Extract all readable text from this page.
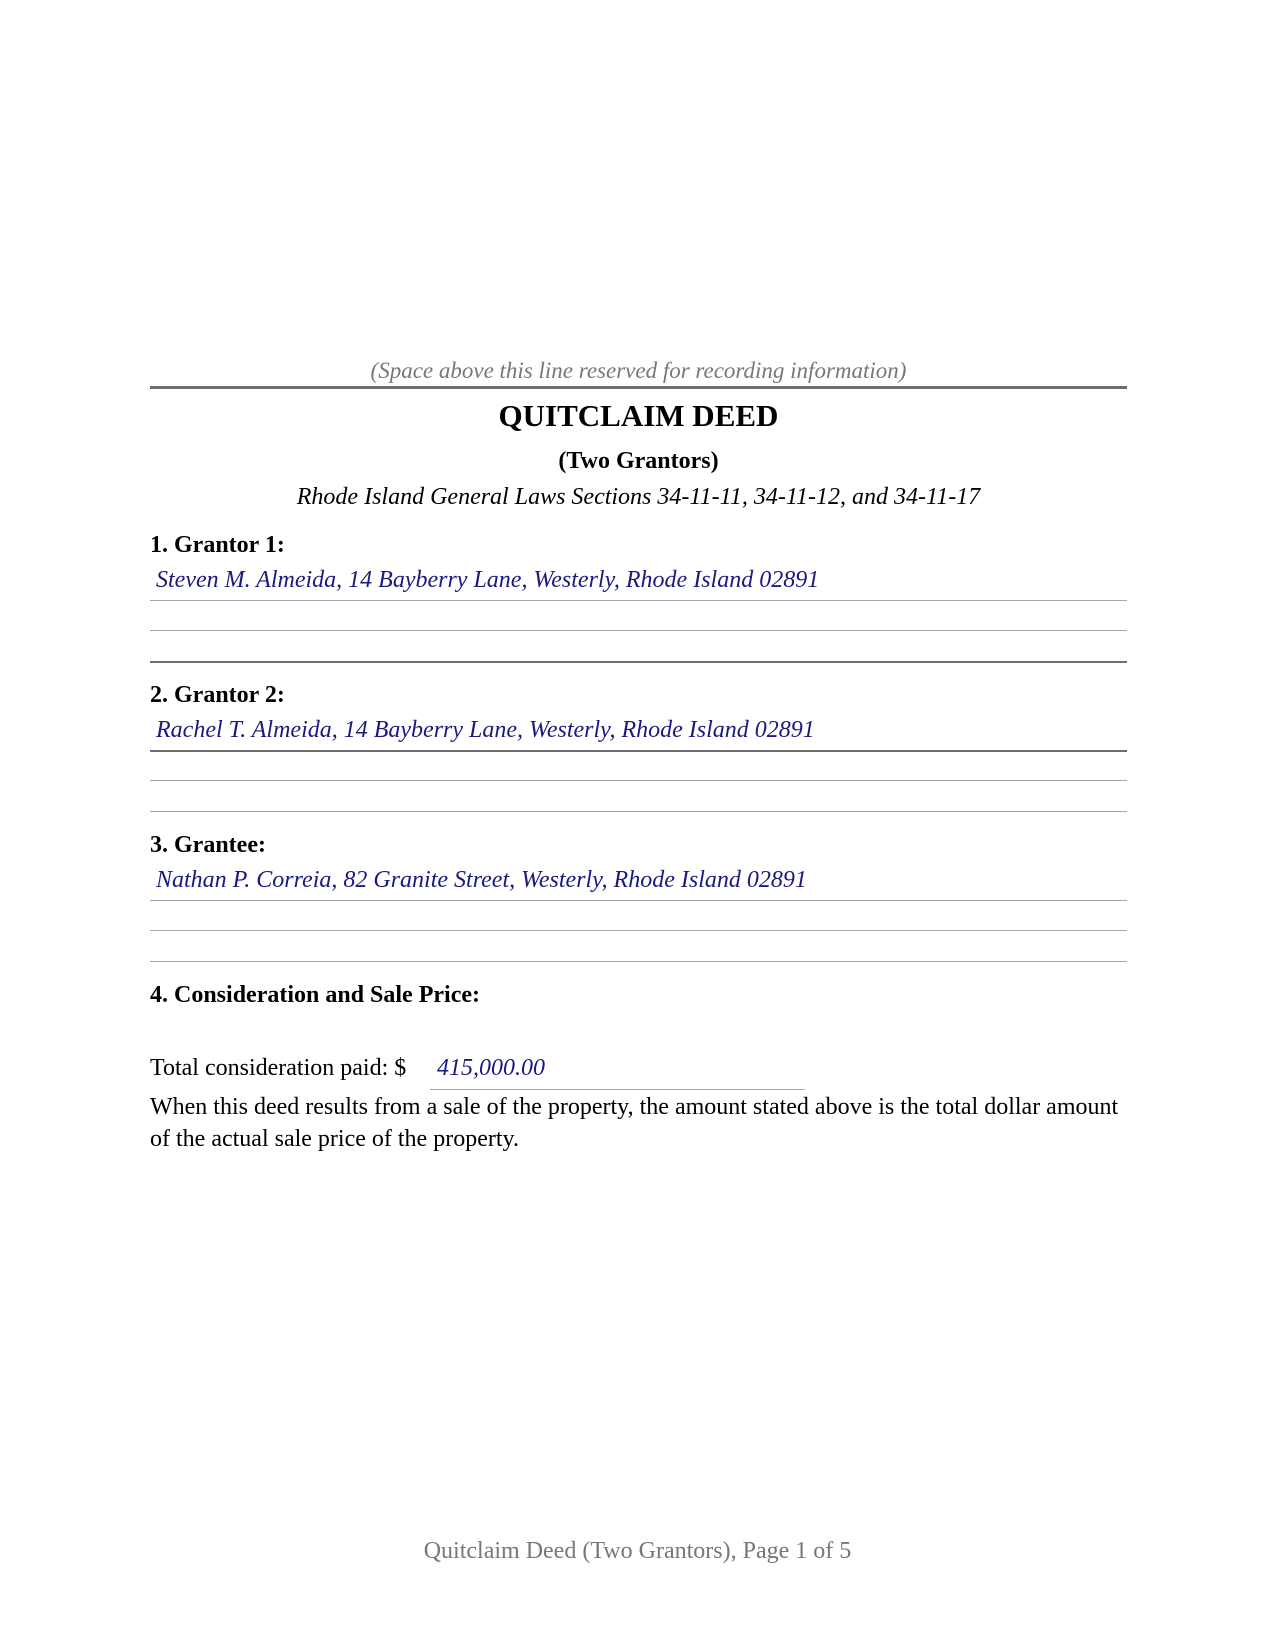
(Space above this line reserved for recording information)
QUITCLAIM DEED
(Two Grantors)
Rhode Island General Laws Sections 34-11-11, 34-11-12, and 34-11-17
1. Grantor 1:
Steven M. Almeida, 14 Bayberry Lane, Westerly, Rhode Island 02891
2. Grantor 2:
Rachel T. Almeida, 14 Bayberry Lane, Westerly, Rhode Island 02891
3. Grantee:
Nathan P. Correia, 82 Granite Street, Westerly, Rhode Island 02891
4. Consideration and Sale Price:
Total consideration paid: $ 415,000.00
When this deed results from a sale of the property, the amount stated above is the total dollar amount of the actual sale price of the property.
Quitclaim Deed (Two Grantors), Page 1 of 5
